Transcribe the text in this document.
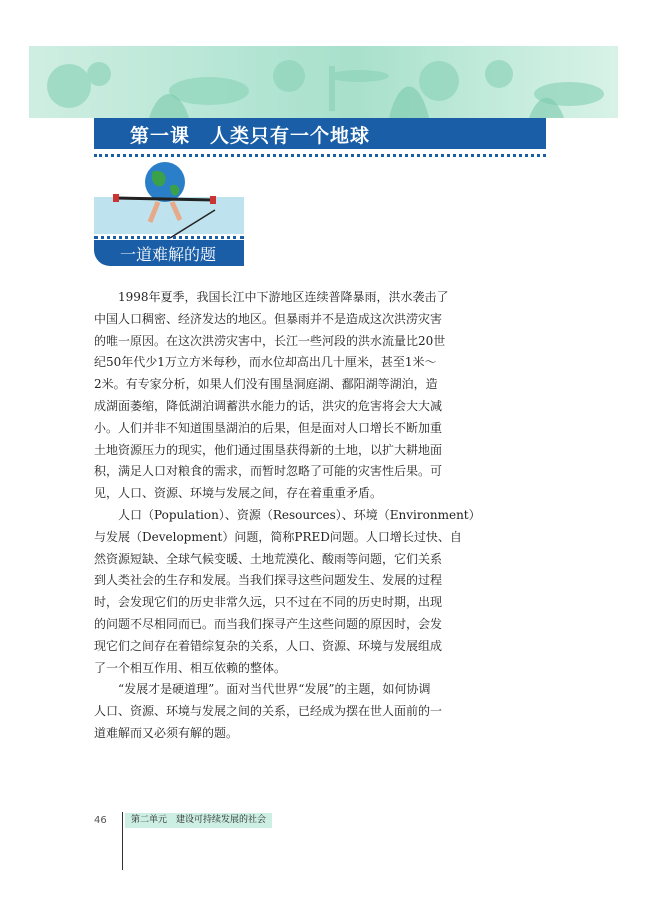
第一课　人类只有一个地球
一道难解的题

1998年夏季，我国长江中下游地区连续普降暴雨，洪水袭击了
中国人口稠密、经济发达的地区。但暴雨并不是造成这次洪涝灾害
的唯一原因。在这次洪涝灾害中，长江一些河段的洪水流量比20世
纪50年代少1万立方米每秒，而水位却高出几十厘米，甚至1米～
2米。有专家分析，如果人们没有围垦洞庭湖、鄱阳湖等湖泊，造
成湖面萎缩，降低湖泊调蓄洪水能力的话，洪灾的危害将会大大减
小。人们并非不知道围垦湖泊的后果，但是面对人口增长不断加重
土地资源压力的现实，他们通过围垦获得新的土地，以扩大耕地面
积，满足人口对粮食的需求，而暂时忽略了可能的灾害性后果。可
见，人口、资源、环境与发展之间，存在着重重矛盾。

人口（Population）、资源（Resources）、环境（Environment）
与发展（Development）问题，简称PRED问题。人口增长过快、自
然资源短缺、全球气候变暖、土地荒漠化、酸雨等问题，它们关系
到人类社会的生存和发展。当我们探寻这些问题发生、发展的过程
时，会发现它们的历史非常久远，只不过在不同的历史时期，出现
的问题不尽相同而已。而当我们探寻产生这些问题的原因时，会发
现它们之间存在着错综复杂的关系，人口、资源、环境与发展组成
了一个相互作用、相互依赖的整体。

“发展才是硬道理”。面对当代世界“发展”的主题，如何协调
人口、资源、环境与发展之间的关系，已经成为摆在世人面前的一
道难解而又必须有解的题。

46	第二单元　建设可持续发展的社会
